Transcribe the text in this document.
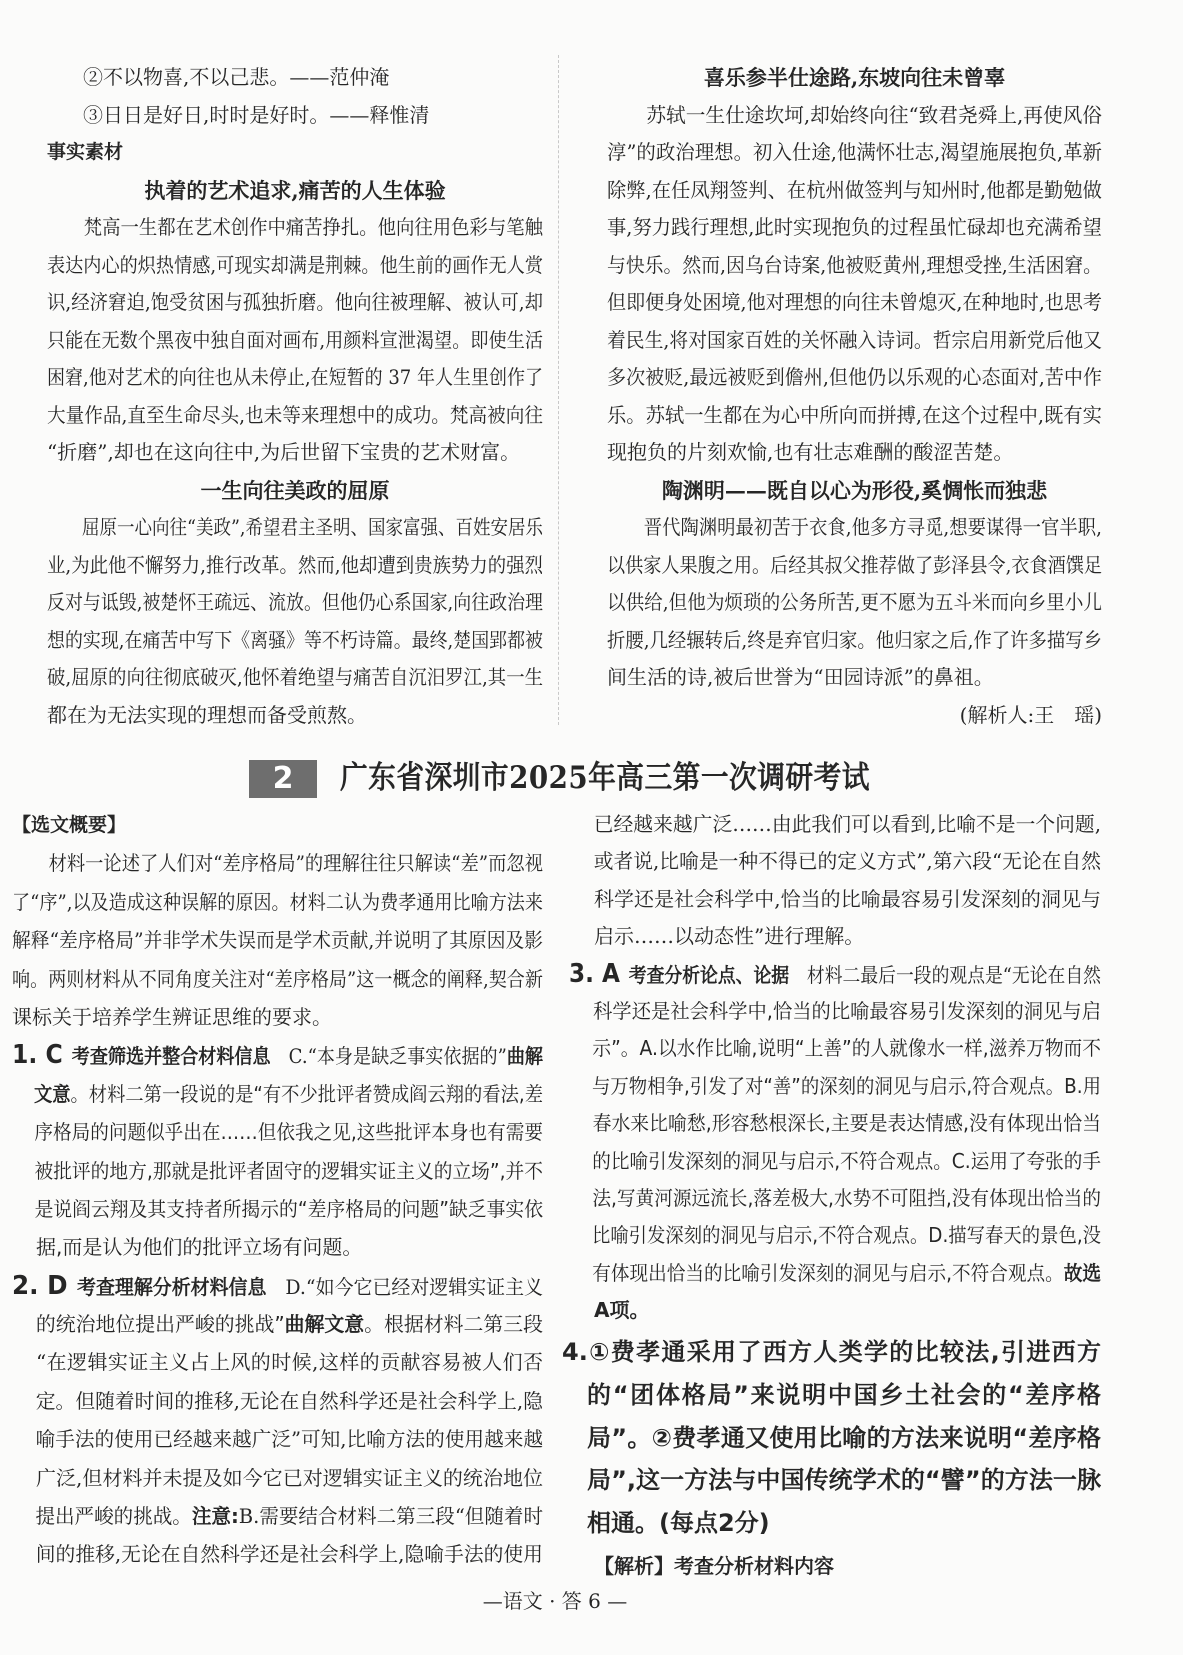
②不以物喜,不以己悲。——范仲淹
③日日是好日,时时是好时。——释惟清
事实素材
执着的艺术追求,痛苦的人生体验
梵高一生都在艺术创作中痛苦挣扎。他向往用色彩与笔触
表达内心的炽热情感,可现实却满是荆棘。他生前的画作无人赏
识,经济窘迫,饱受贫困与孤独折磨。他向往被理解、被认可,却
只能在无数个黑夜中独自面对画布,用颜料宣泄渴望。即使生活
困窘,他对艺术的向往也从未停止,在短暂的 37 年人生里创作了
大量作品,直至生命尽头,也未等来理想中的成功。梵高被向往
“折磨”,却也在这向往中,为后世留下宝贵的艺术财富。
一生向往美政的屈原
屈原一心向往“美政”,希望君主圣明、国家富强、百姓安居乐
业,为此他不懈努力,推行改革。然而,他却遭到贵族势力的强烈
反对与诋毁,被楚怀王疏远、流放。但他仍心系国家,向往政治理
想的实现,在痛苦中写下《离骚》等不朽诗篇。最终,楚国郢都被
破,屈原的向往彻底破灭,他怀着绝望与痛苦自沉汨罗江,其一生
都在为无法实现的理想而备受煎熬。
喜乐参半仕途路,东坡向往未曾辜
苏轼一生仕途坎坷,却始终向往“致君尧舜上,再使风俗
淳”的政治理想。初入仕途,他满怀壮志,渴望施展抱负,革新
除弊,在任凤翔签判、在杭州做签判与知州时,他都是勤勉做
事,努力践行理想,此时实现抱负的过程虽忙碌却也充满希望
与快乐。然而,因乌台诗案,他被贬黄州,理想受挫,生活困窘。
但即便身处困境,他对理想的向往未曾熄灭,在种地时,也思考
着民生,将对国家百姓的关怀融入诗词。哲宗启用新党后他又
多次被贬,最远被贬到儋州,但他仍以乐观的心态面对,苦中作
乐。苏轼一生都在为心中所向而拼搏,在这个过程中,既有实
现抱负的片刻欢愉,也有壮志难酬的酸涩苦楚。
陶渊明——既自以心为形役,奚惆怅而独悲
晋代陶渊明最初苦于衣食,他多方寻觅,想要谋得一官半职,
以供家人果腹之用。后经其叔父推荐做了彭泽县令,衣食酒馔足
以供给,但他为烦琐的公务所苦,更不愿为五斗米而向乡里小儿
折腰,几经辗转后,终是弃官归家。他归家之后,作了许多描写乡
间生活的诗,被后世誉为“田园诗派”的鼻祖。
(解析人:王　瑶)
2	广东省深圳市2025年高三第一次调研考试
【选文概要】
材料一论述了人们对“差序格局”的理解往往只解读“差”而忽视
了“序”,以及造成这种误解的原因。材料二认为费孝通用比喻方法来
解释“差序格局”并非学术失误而是学术贡献,并说明了其原因及影
响。两则材料从不同角度关注对“差序格局”这一概念的阐释,契合新
课标关于培养学生辨证思维的要求。
1. C 考查筛选并整合材料信息　C.“本身是缺乏事实依据的”曲解
文意。材料二第一段说的是“有不少批评者赞成阎云翔的看法,差
序格局的问题似乎出在……但依我之见,这些批评本身也有需要
被批评的地方,那就是批评者固守的逻辑实证主义的立场”,并不
是说阎云翔及其支持者所揭示的“差序格局的问题”缺乏事实依
据,而是认为他们的批评立场有问题。
2. D 考查理解分析材料信息　D.“如今它已经对逻辑实证主义
的统治地位提出严峻的挑战”曲解文意。根据材料二第三段
“在逻辑实证主义占上风的时候,这样的贡献容易被人们否
定。但随着时间的推移,无论在自然科学还是社会科学上,隐
喻手法的使用已经越来越广泛”可知,比喻方法的使用越来越
广泛,但材料并未提及如今它已对逻辑实证主义的统治地位
提出严峻的挑战。注意:B.需要结合材料二第三段“但随着时
间的推移,无论在自然科学还是社会科学上,隐喻手法的使用
已经越来越广泛……由此我们可以看到,比喻不是一个问题,
或者说,比喻是一种不得已的定义方式”,第六段“无论在自然
科学还是社会科学中,恰当的比喻最容易引发深刻的洞见与
启示……以动态性”进行理解。
3. A 考查分析论点、论据　材料二最后一段的观点是“无论在自然
科学还是社会科学中,恰当的比喻最容易引发深刻的洞见与启
示”。A.以水作比喻,说明“上善”的人就像水一样,滋养万物而不
与万物相争,引发了对“善”的深刻的洞见与启示,符合观点。B.用
春水来比喻愁,形容愁根深长,主要是表达情感,没有体现出恰当
的比喻引发深刻的洞见与启示,不符合观点。C.运用了夸张的手
法,写黄河源远流长,落差极大,水势不可阻挡,没有体现出恰当的
比喻引发深刻的洞见与启示,不符合观点。D.描写春天的景色,没
有体现出恰当的比喻引发深刻的洞见与启示,不符合观点。故选
A项。
4.①费孝通采用了西方人类学的比较法,引进西方
的“团体格局”来说明中国乡土社会的“差序格
局”。②费孝通又使用比喻的方法来说明“差序格
局”,这一方法与中国传统学术的“譬”的方法一脉
相通。(每点2分)
【解析】考查分析材料内容
—语文 · 答 6 —
